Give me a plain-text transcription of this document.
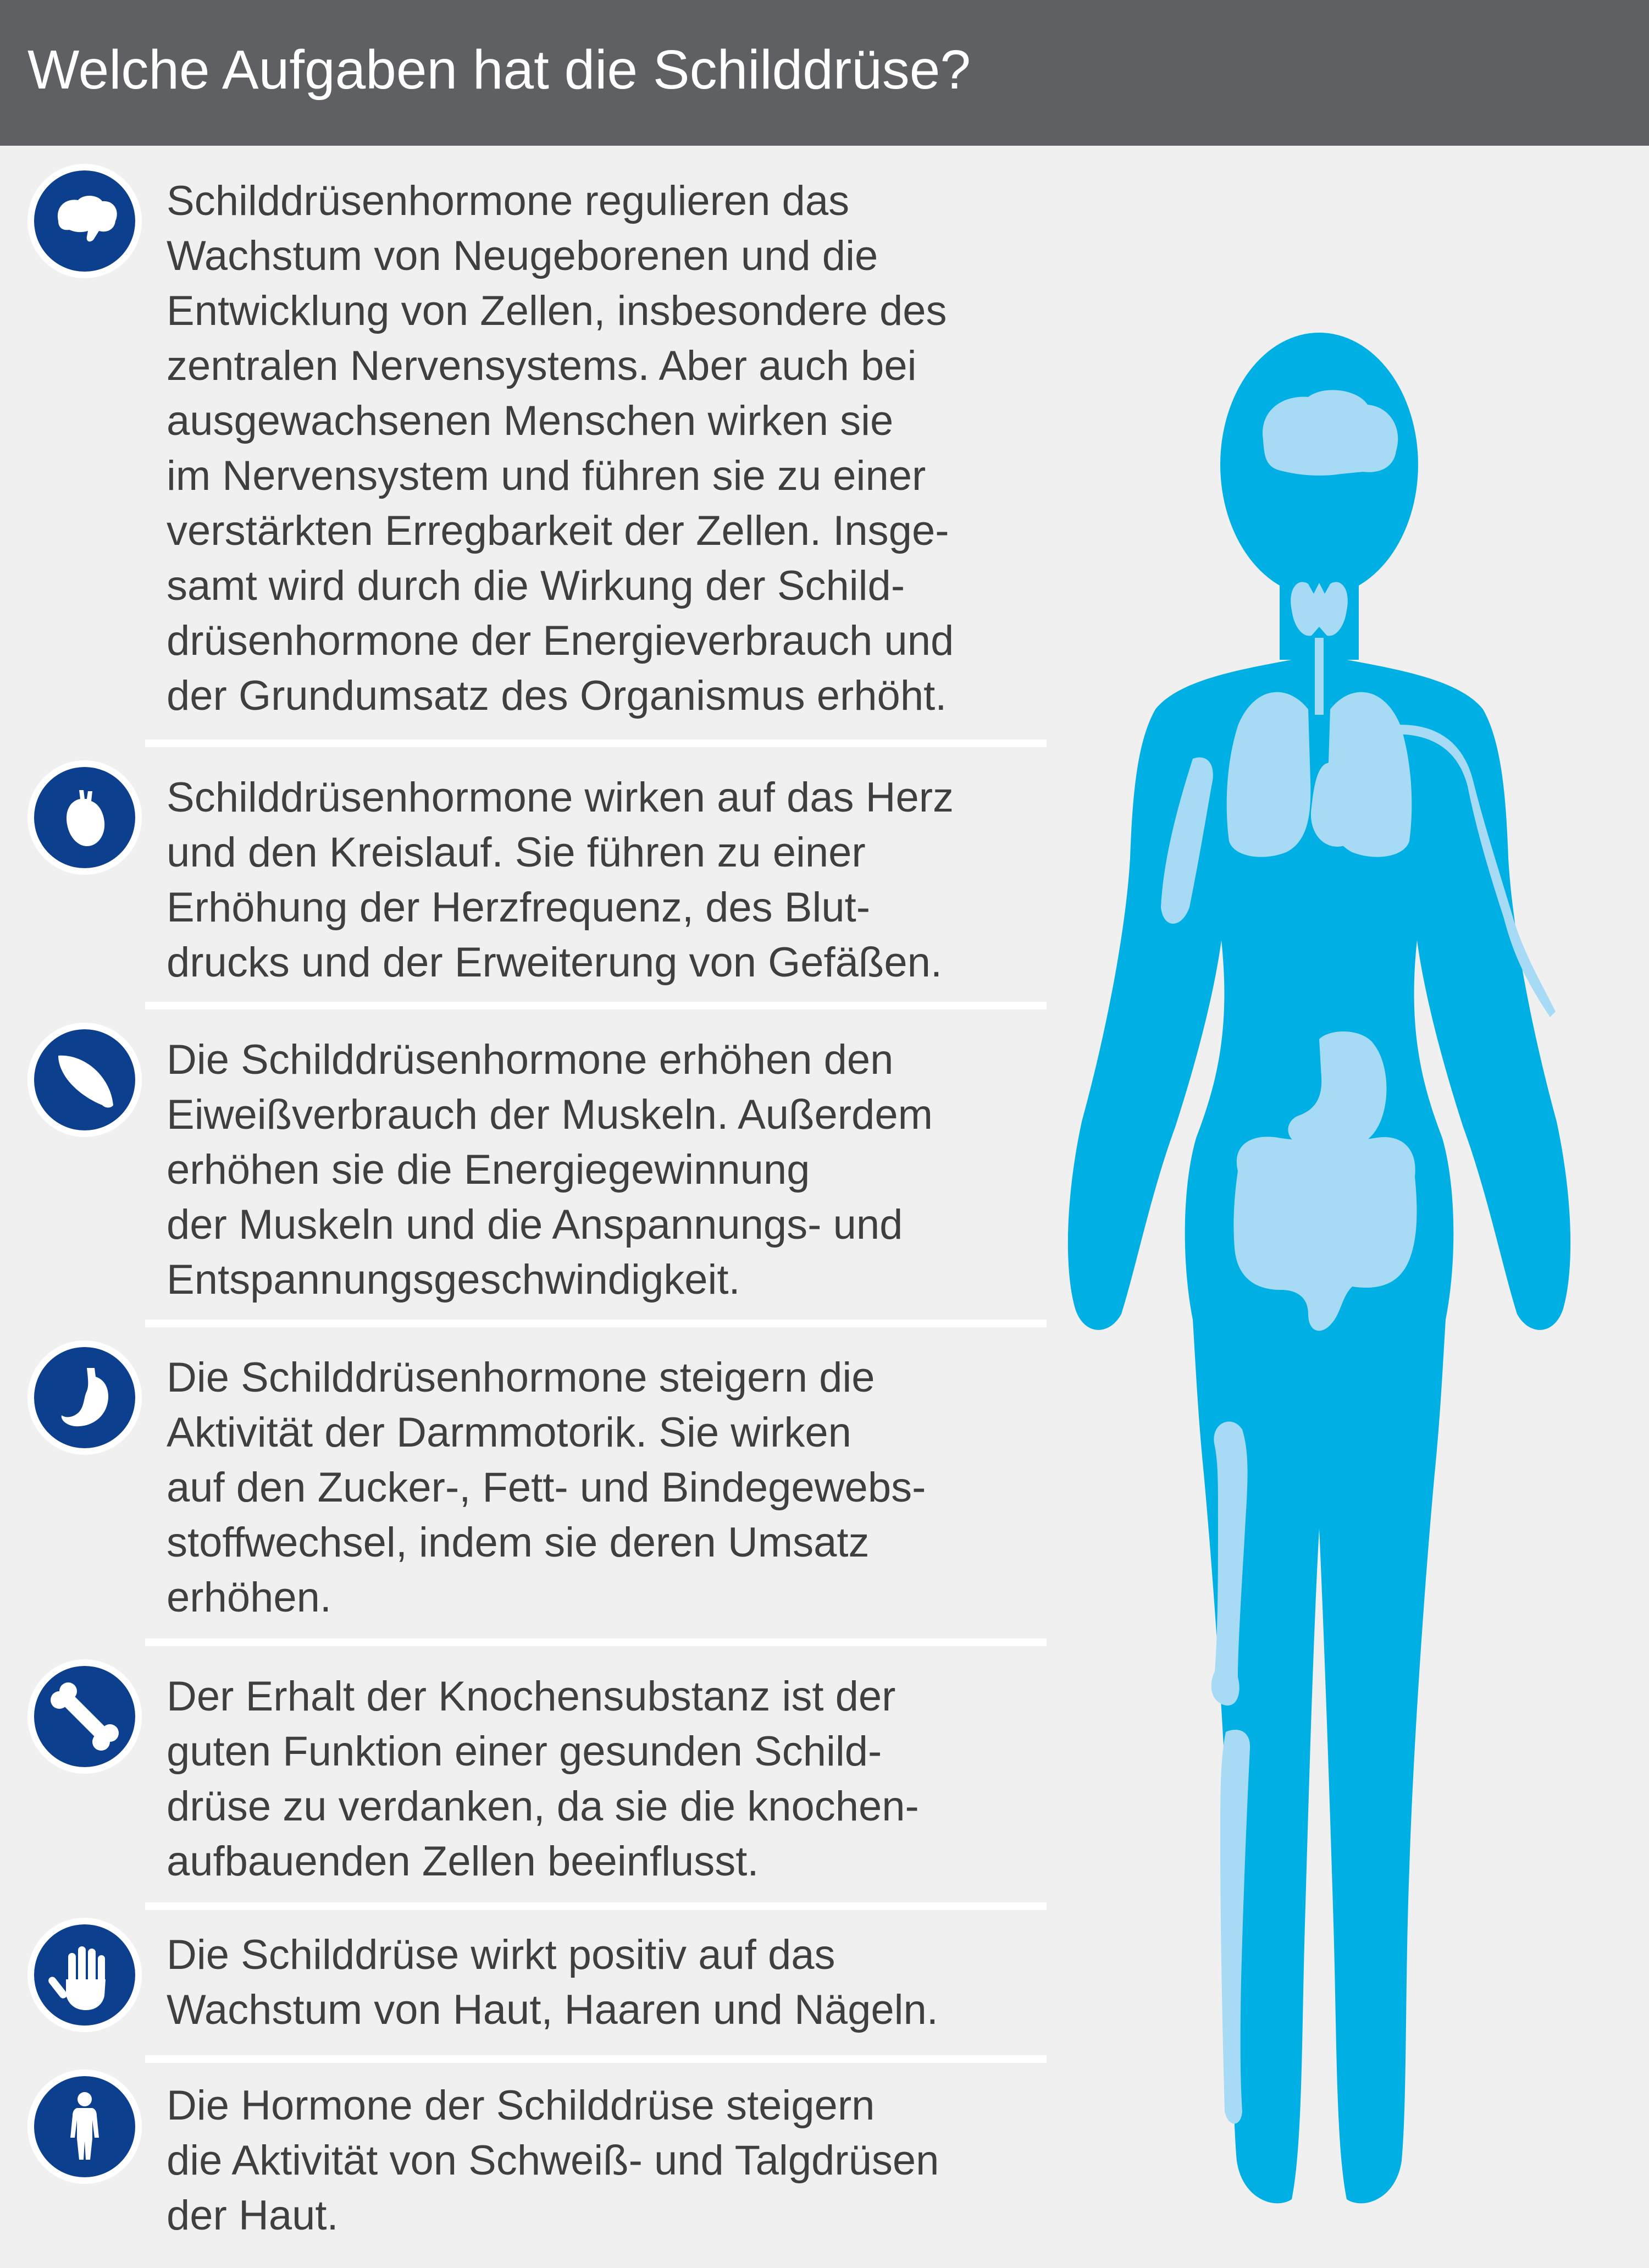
Welche Aufgaben hat die Schilddrüse?

Schilddrüsenhormone regulieren das
Wachstum von Neugeborenen und die
Entwicklung von Zellen, insbesondere des
zentralen Nervensystems. Aber auch bei
ausgewachsenen Menschen wirken sie
im Nervensystem und führen sie zu einer
verstärkten Erregbarkeit der Zellen. Insge-
samt wird durch die Wirkung der Schild-
drüsenhormone der Energieverbrauch und
der Grundumsatz des Organismus erhöht.

Schilddrüsenhormone wirken auf das Herz
und den Kreislauf. Sie führen zu einer
Erhöhung der Herzfrequenz, des Blut-
drucks und der Erweiterung von Gefäßen.

Die Schilddrüsenhormone erhöhen den
Eiweißverbrauch der Muskeln. Außerdem
erhöhen sie die Energiegewinnung
der Muskeln und die Anspannungs- und
Entspannungsgeschwindigkeit.

Die Schilddrüsenhormone steigern die
Aktivität der Darmmotorik. Sie wirken
auf den Zucker-, Fett- und Bindegewebs-
stoffwechsel, indem sie deren Umsatz
erhöhen.

Der Erhalt der Knochensubstanz ist der
guten Funktion einer gesunden Schild-
drüse zu verdanken, da sie die knochen-
aufbauenden Zellen beeinflusst.

Die Schilddrüse wirkt positiv auf das
Wachstum von Haut, Haaren und Nägeln.

Die Hormone der Schilddrüse steigern
die Aktivität von Schweiß- und Talgdrüsen
der Haut.
